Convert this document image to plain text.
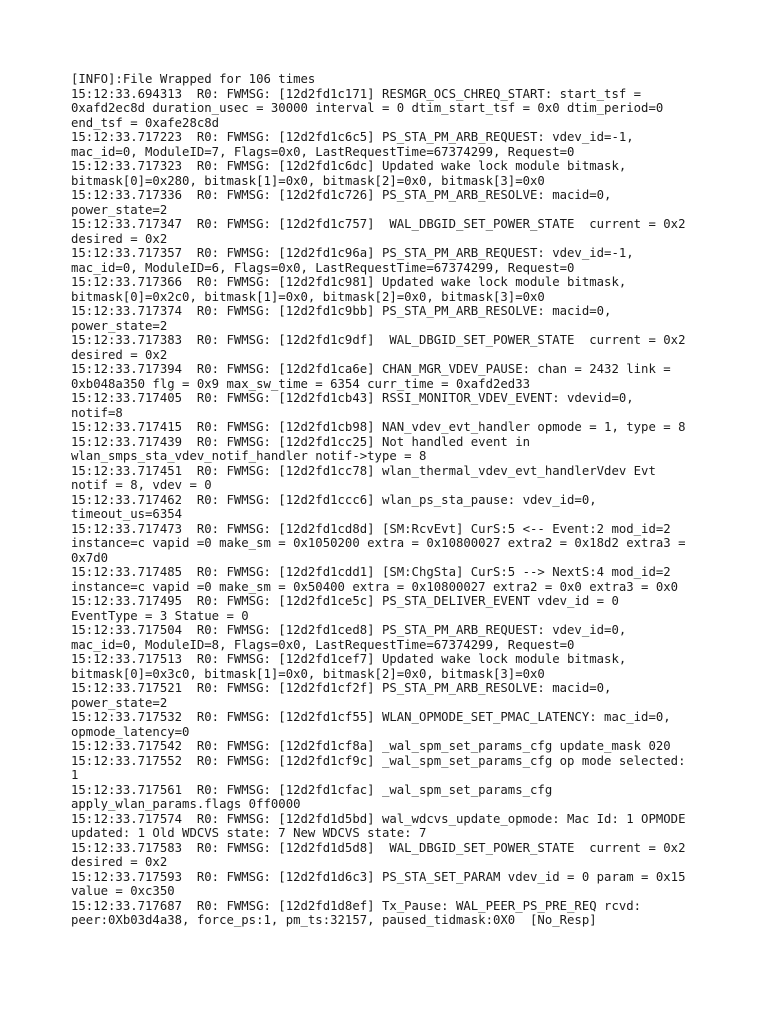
[INFO]:File Wrapped for 106 times
15:12:33.694313  R0: FWMSG: [12d2fd1c171] RESMGR_OCS_CHREQ_START: start_tsf =
0xafd2ec8d duration_usec = 30000 interval = 0 dtim_start_tsf = 0x0 dtim_period=0
end_tsf = 0xafe28c8d
15:12:33.717223  R0: FWMSG: [12d2fd1c6c5] PS_STA_PM_ARB_REQUEST: vdev_id=-1,
mac_id=0, ModuleID=7, Flags=0x0, LastRequestTime=67374299, Request=0
15:12:33.717323  R0: FWMSG: [12d2fd1c6dc] Updated wake lock module bitmask,
bitmask[0]=0x280, bitmask[1]=0x0, bitmask[2]=0x0, bitmask[3]=0x0
15:12:33.717336  R0: FWMSG: [12d2fd1c726] PS_STA_PM_ARB_RESOLVE: macid=0,
power_state=2
15:12:33.717347  R0: FWMSG: [12d2fd1c757]  WAL_DBGID_SET_POWER_STATE  current = 0x2
desired = 0x2
15:12:33.717357  R0: FWMSG: [12d2fd1c96a] PS_STA_PM_ARB_REQUEST: vdev_id=-1,
mac_id=0, ModuleID=6, Flags=0x0, LastRequestTime=67374299, Request=0
15:12:33.717366  R0: FWMSG: [12d2fd1c981] Updated wake lock module bitmask,
bitmask[0]=0x2c0, bitmask[1]=0x0, bitmask[2]=0x0, bitmask[3]=0x0
15:12:33.717374  R0: FWMSG: [12d2fd1c9bb] PS_STA_PM_ARB_RESOLVE: macid=0,
power_state=2
15:12:33.717383  R0: FWMSG: [12d2fd1c9df]  WAL_DBGID_SET_POWER_STATE  current = 0x2
desired = 0x2
15:12:33.717394  R0: FWMSG: [12d2fd1ca6e] CHAN_MGR_VDEV_PAUSE: chan = 2432 link =
0xb048a350 flg = 0x9 max_sw_time = 6354 curr_time = 0xafd2ed33
15:12:33.717405  R0: FWMSG: [12d2fd1cb43] RSSI_MONITOR_VDEV_EVENT: vdevid=0,
notif=8
15:12:33.717415  R0: FWMSG: [12d2fd1cb98] NAN_vdev_evt_handler opmode = 1, type = 8
15:12:33.717439  R0: FWMSG: [12d2fd1cc25] Not handled event in
wlan_smps_sta_vdev_notif_handler notif->type = 8
15:12:33.717451  R0: FWMSG: [12d2fd1cc78] wlan_thermal_vdev_evt_handlerVdev Evt
notif = 8, vdev = 0
15:12:33.717462  R0: FWMSG: [12d2fd1ccc6] wlan_ps_sta_pause: vdev_id=0,
timeout_us=6354
15:12:33.717473  R0: FWMSG: [12d2fd1cd8d] [SM:RcvEvt] CurS:5 <-- Event:2 mod_id=2
instance=c vapid =0 make_sm = 0x1050200 extra = 0x10800027 extra2 = 0x18d2 extra3 =
0x7d0
15:12:33.717485  R0: FWMSG: [12d2fd1cdd1] [SM:ChgSta] CurS:5 --> NextS:4 mod_id=2
instance=c vapid =0 make_sm = 0x50400 extra = 0x10800027 extra2 = 0x0 extra3 = 0x0
15:12:33.717495  R0: FWMSG: [12d2fd1ce5c] PS_STA_DELIVER_EVENT vdev_id = 0
EventType = 3 Statue = 0
15:12:33.717504  R0: FWMSG: [12d2fd1ced8] PS_STA_PM_ARB_REQUEST: vdev_id=0,
mac_id=0, ModuleID=8, Flags=0x0, LastRequestTime=67374299, Request=0
15:12:33.717513  R0: FWMSG: [12d2fd1cef7] Updated wake lock module bitmask,
bitmask[0]=0x3c0, bitmask[1]=0x0, bitmask[2]=0x0, bitmask[3]=0x0
15:12:33.717521  R0: FWMSG: [12d2fd1cf2f] PS_STA_PM_ARB_RESOLVE: macid=0,
power_state=2
15:12:33.717532  R0: FWMSG: [12d2fd1cf55] WLAN_OPMODE_SET_PMAC_LATENCY: mac_id=0,
opmode_latency=0
15:12:33.717542  R0: FWMSG: [12d2fd1cf8a] _wal_spm_set_params_cfg update_mask 020
15:12:33.717552  R0: FWMSG: [12d2fd1cf9c] _wal_spm_set_params_cfg op mode selected:
1
15:12:33.717561  R0: FWMSG: [12d2fd1cfac] _wal_spm_set_params_cfg
apply_wlan_params.flags 0ff0000
15:12:33.717574  R0: FWMSG: [12d2fd1d5bd] wal_wdcvs_update_opmode: Mac Id: 1 OPMODE
updated: 1 Old WDCVS state: 7 New WDCVS state: 7
15:12:33.717583  R0: FWMSG: [12d2fd1d5d8]  WAL_DBGID_SET_POWER_STATE  current = 0x2
desired = 0x2
15:12:33.717593  R0: FWMSG: [12d2fd1d6c3] PS_STA_SET_PARAM vdev_id = 0 param = 0x15
value = 0xc350
15:12:33.717687  R0: FWMSG: [12d2fd1d8ef] Tx_Pause: WAL_PEER_PS_PRE_REQ rcvd:
peer:0Xb03d4a38, force_ps:1, pm_ts:32157, paused_tidmask:0X0  [No_Resp]
